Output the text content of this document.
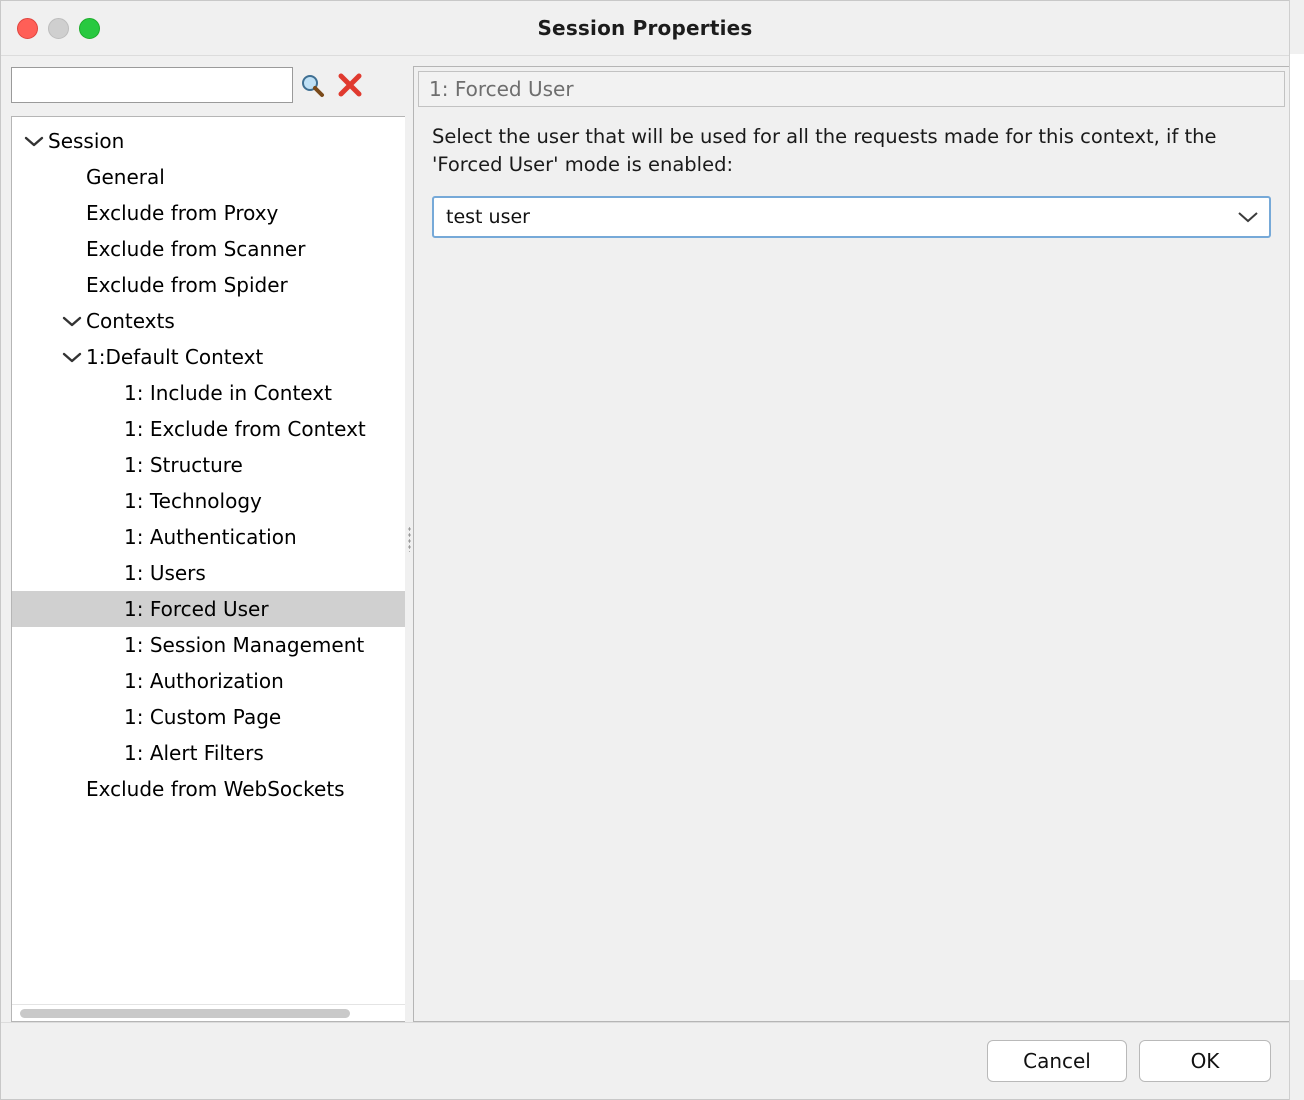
Session Properties
Session
General
Exclude from Proxy
Exclude from Scanner
Exclude from Spider
Contexts
1:Default Context
1: Include in Context
1: Exclude from Context
1: Structure
1: Technology
1: Authentication
1: Users
1: Forced User
1: Session Management
1: Authorization
1: Custom Page
1: Alert Filters
Exclude from WebSockets
1: Forced User
Select the user that will be used for all the requests made for this context, if the 'Forced User' mode is enabled:
test user
Cancel	OK
